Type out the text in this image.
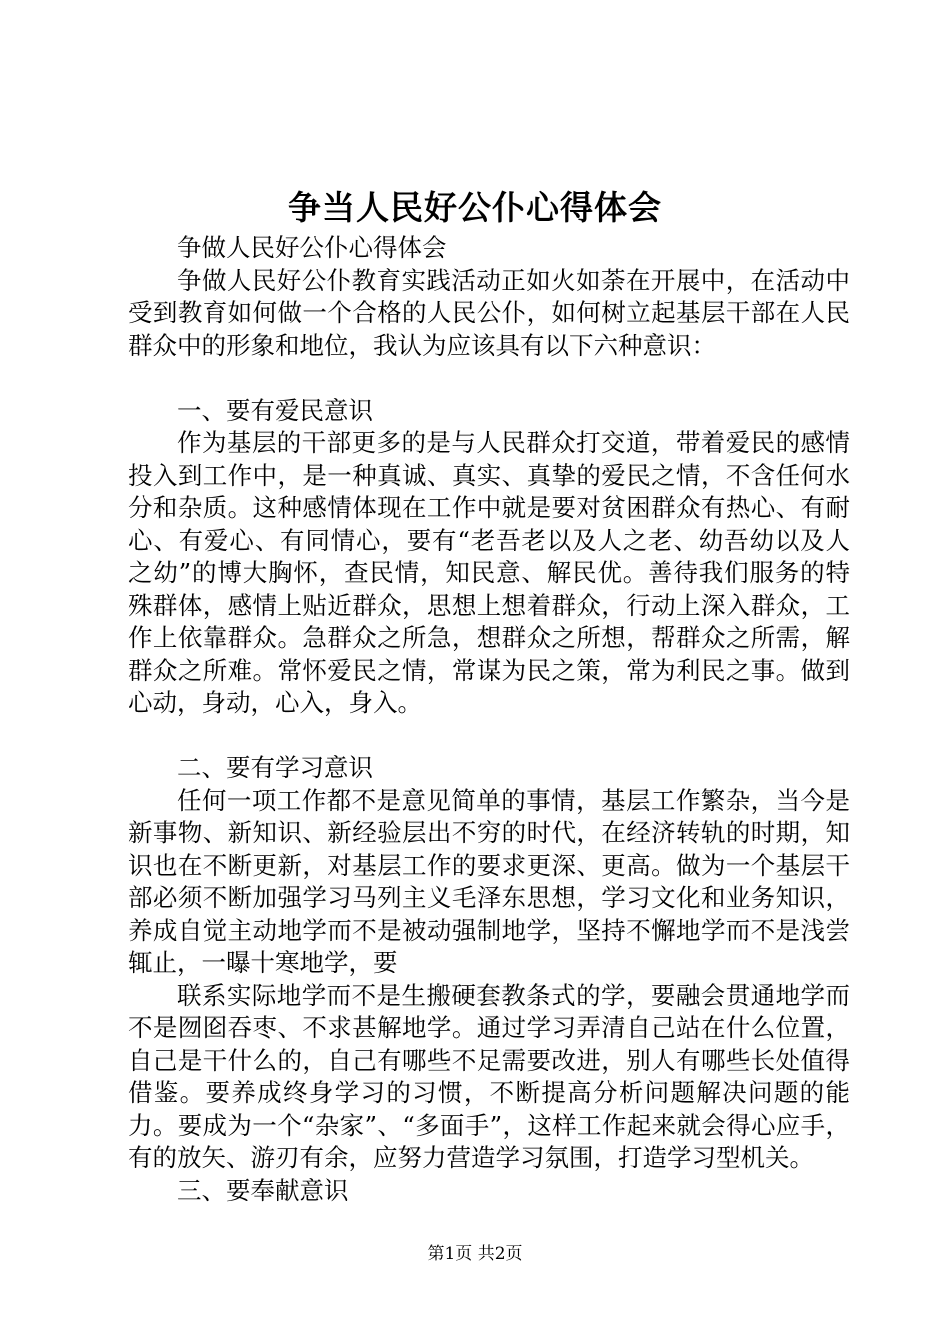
争当人民好公仆心得体会

争做人民好公仆心得体会

争做人民好公仆教育实践活动正如火如荼在开展中，在活动中受到教育如何做一个合格的人民公仆，如何树立起基层干部在人民群众中的形象和地位，我认为应该具有以下六种意识：

一、要有爱民意识

作为基层的干部更多的是与人民群众打交道，带着爱民的感情投入到工作中，是一种真诚、真实、真挚的爱民之情，不含任何水分和杂质。这种感情体现在工作中就是要对贫困群众有热心、有耐心、有爱心、有同情心，要有“老吾老以及人之老、幼吾幼以及人之幼”的博大胸怀，查民情，知民意、解民优。善待我们服务的特殊群体，感情上贴近群众，思想上想着群众，行动上深入群众，工作上依靠群众。急群众之所急，想群众之所想，帮群众之所需，解群众之所难。常怀爱民之情，常谋为民之策，常为利民之事。做到心动，身动，心入，身入。

二、要有学习意识

任何一项工作都不是意见简单的事情，基层工作繁杂，当今是新事物、新知识、新经验层出不穷的时代，在经济转轨的时期，知识也在不断更新，对基层工作的要求更深、更高。做为一个基层干部必须不断加强学习马列主义毛泽东思想，学习文化和业务知识，养成自觉主动地学而不是被动强制地学，坚持不懈地学而不是浅尝辄止，一曝十寒地学，要

联系实际地学而不是生搬硬套教条式的学，要融会贯通地学而不是囫囵吞枣、不求甚解地学。通过学习弄清自己站在什么位置，自己是干什么的，自己有哪些不足需要改进，别人有哪些长处值得借鉴。要养成终身学习的习惯，不断提高分析问题解决问题的能力。要成为一个“杂家”、“多面手”，这样工作起来就会得心应手，有的放矢、游刃有余，应努力营造学习氛围，打造学习型机关。

三、要奉献意识

第1页 共2页
